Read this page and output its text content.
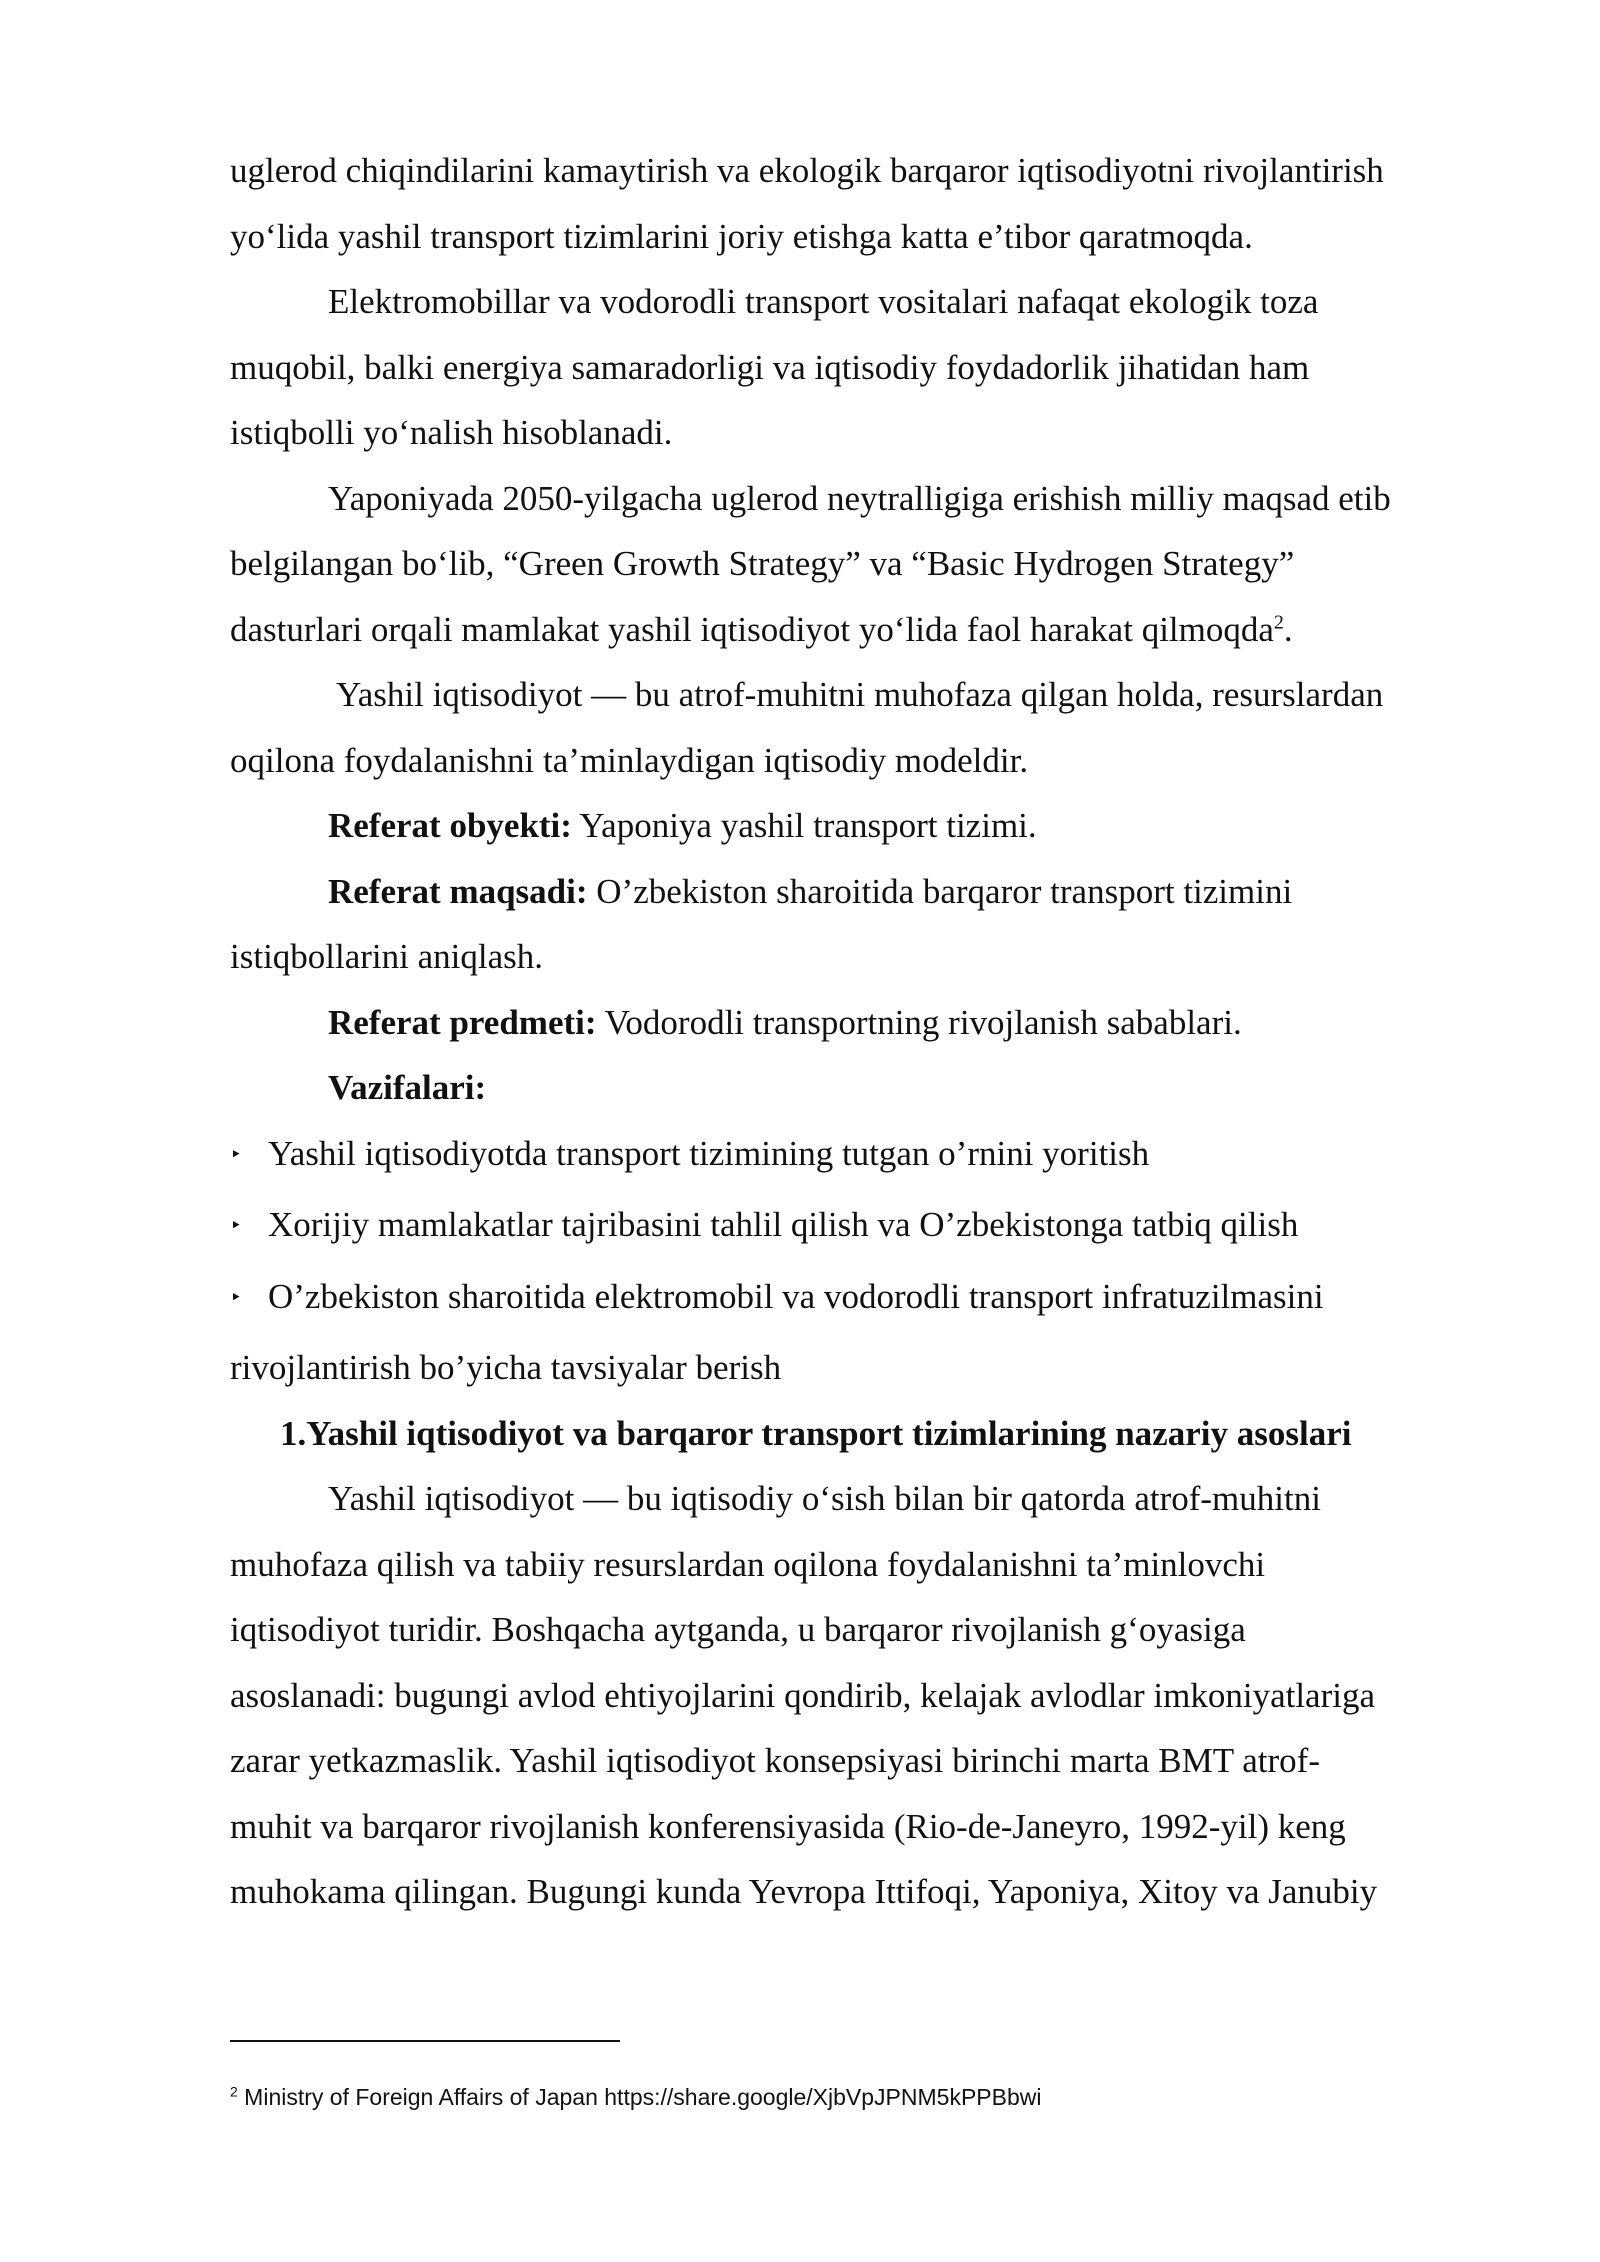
uglerod chiqindilarini kamaytirish va ekologik barqaror iqtisodiyotni rivojlantirish
yo‘lida yashil transport tizimlarini joriy etishga katta e’tibor qaratmoqda.
Elektromobillar va vodorodli transport vositalari nafaqat ekologik toza
muqobil, balki energiya samaradorligi va iqtisodiy foydadorlik jihatidan ham
istiqbolli yo‘nalish hisoblanadi.
Yaponiyada 2050-yilgacha uglerod neytralligiga erishish milliy maqsad etib
belgilangan bo‘lib, “Green Growth Strategy” va “Basic Hydrogen Strategy”
dasturlari orqali mamlakat yashil iqtisodiyot yo‘lida faol harakat qilmoqda$^2$.
Yashil iqtisodiyot — bu atrof-muhitni muhofaza qilgan holda, resurslardan
oqilona foydalanishni ta’minlaydigan iqtisodiy modeldir.
Referat obyekti: Yaponiya yashil transport tizimi.
Referat maqsadi: O’zbekiston sharoitida barqaror transport tizimini
istiqbollarini aniqlash.
Referat predmeti: Vodorodli transportning rivojlanish sabablari.
Vazifalari:
‣ Yashil iqtisodiyotda transport tizimining tutgan o’rnini yoritish
‣ Xorijiy mamlakatlar tajribasini tahlil qilish va O’zbekistonga tatbiq qilish
‣ O’zbekiston sharoitida elektromobil va vodorodli transport infratuzilmasini
rivojlantirish bo’yicha tavsiyalar berish
1.Yashil iqtisodiyot va barqaror transport tizimlarining nazariy asoslari
Yashil iqtisodiyot — bu iqtisodiy o‘sish bilan bir qatorda atrof-muhitni
muhofaza qilish va tabiiy resurslardan oqilona foydalanishni ta’minlovchi
iqtisodiyot turidir. Boshqacha aytganda, u barqaror rivojlanish g‘oyasiga
asoslanadi: bugungi avlod ehtiyojlarini qondirib, kelajak avlodlar imkoniyatlariga
zarar yetkazmaslik. Yashil iqtisodiyot konsepsiyasi birinchi marta BMT atrof-
muhit va barqaror rivojlanish konferensiyasida (Rio-de-Janeyro, 1992-yil) keng
muhokama qilingan. Bugungi kunda Yevropa Ittifoqi, Yaponiya, Xitoy va Janubiy
$^2$ Ministry of Foreign Affairs of Japan https://share.google/XjbVpJPNM5kPPBbwi
